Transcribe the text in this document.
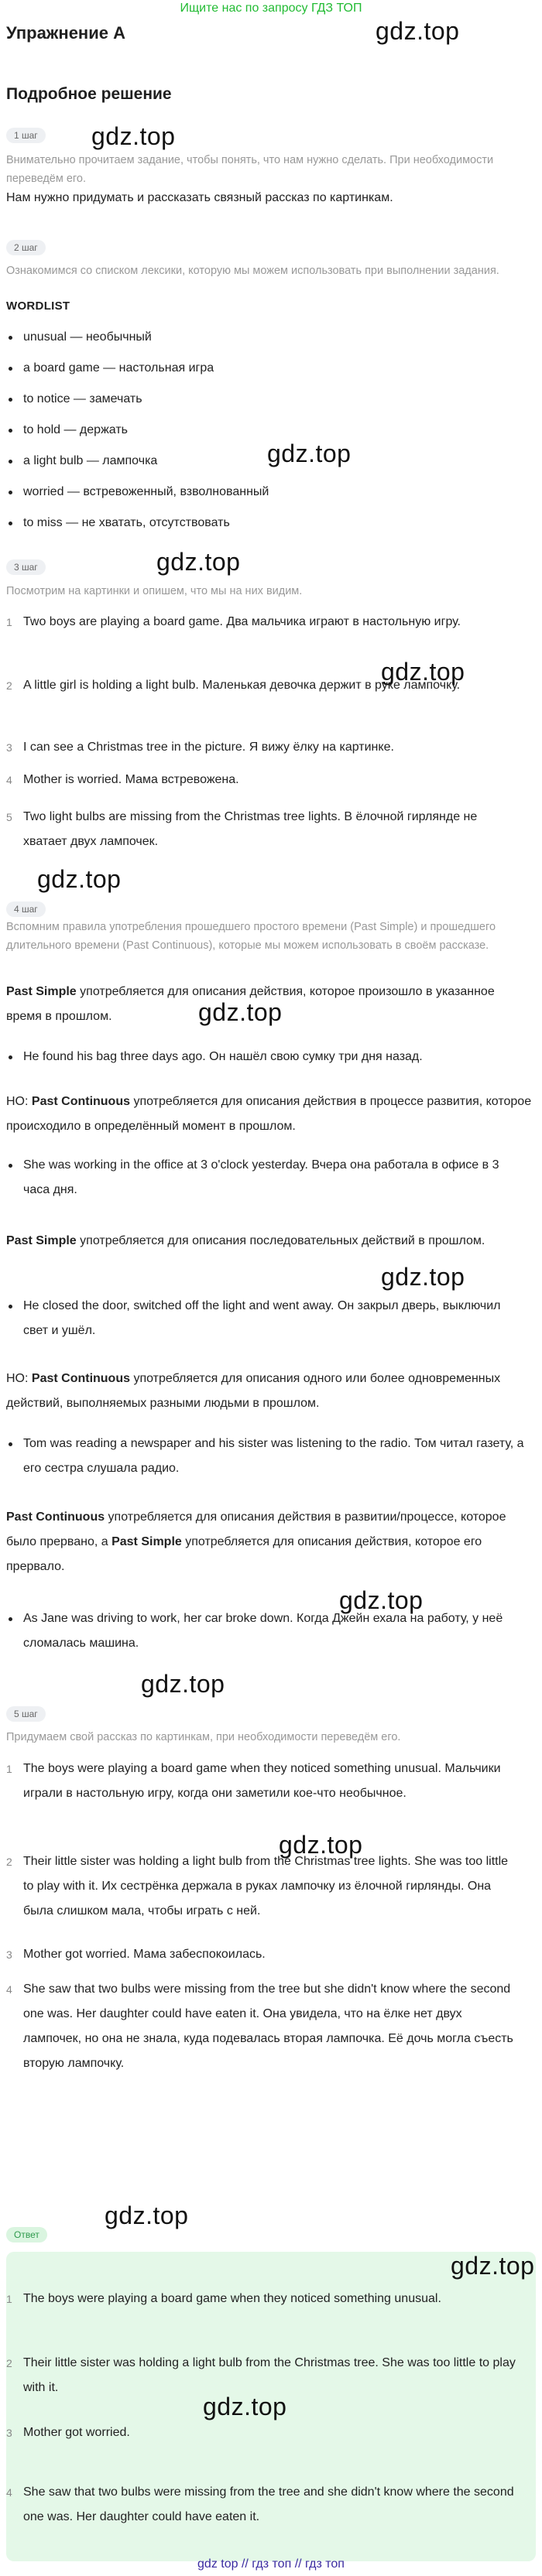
Ищите нас по запросу ГДЗ ТОП
gdz.top
Упражнение A
Подробное решение
1 шаг	gdz.top
Внимательно прочитаем задание, чтобы понять, что нам нужно сделать. При необходимости переведём его.
Нам нужно придумать и рассказать связный рассказ по картинкам.
2 шаг
Ознакомимся со списком лексики, которую мы можем использовать при выполнении задания.
WORDLIST
unusual — необычный
a board game — настольная игра
to notice — замечать
to hold — держать
a light bulb — лампочка
worried — встревоженный, взволнованный
to miss — не хватать, отсутствовать
gdz.top
gdz.top
3 шаг
Посмотрим на картинки и опишем, что мы на них видим.
1 Two boys are playing a board game. Два мальчика играют в настольную игру.
gdz.top
2 A little girl is holding a light bulb. Маленькая девочка держит в руке лампочку.
3 I can see a Christmas tree in the picture. Я вижу ёлку на картинке.
4 Mother is worried. Мама встревожена.
5 Two light bulbs are missing from the Christmas tree lights. В ёлочной гирлянде не хватает двух лампочек.
gdz.top
4 шаг
Вспомним правила употребления прошедшего простого времени (Past Simple) и прошедшего длительного времени (Past Continuous), которые мы можем использовать в своём рассказе.
Past Simple употребляется для описания действия, которое произошло в указанное время в прошлом.	gdz.top
He found his bag three days ago. Он нашёл свою сумку три дня назад.
НО: Past Continuous употребляется для описания действия в процессе развития, которое происходило в определённый момент в прошлом.
She was working in the office at 3 o'clock yesterday. Вчера она работала в офисе в 3 часа дня.
Past Simple употребляется для описания последовательных действий в прошлом.
gdz.top
He closed the door, switched off the light and went away. Он закрыл дверь, выключил свет и ушёл.
НО: Past Continuous употребляется для описания одного или более одновременных действий, выполняемых разными людьми в прошлом.
Tom was reading a newspaper and his sister was listening to the radio. Том читал газету, а его сестра слушала радио.
Past Continuous употребляется для описания действия в развитии/процессе, которое было прервано, а Past Simple употребляется для описания действия, которое его прервало.
gdz.top
As Jane was driving to work, her car broke down. Когда Джейн ехала на работу, у неё сломалась машина.
gdz.top
5 шаг
Придумаем свой рассказ по картинкам, при необходимости переведём его.
1 The boys were playing a board game when they noticed something unusual. Мальчики играли в настольную игру, когда они заметили кое-что необычное.
gdz.top
2 Their little sister was holding a light bulb from the Christmas tree lights. She was too little to play with it. Их сестрёнка держала в руках лампочку из ёлочной гирлянды. Она была слишком мала, чтобы играть с ней.
3 Mother got worried. Мама забеспокоилась.
4 She saw that two bulbs were missing from the tree but she didn't know where the second one was. Her daughter could have eaten it. Она увидела, что на ёлке нет двух лампочек, но она не знала, куда подевалась вторая лампочка. Её дочь могла съесть вторую лампочку.
gdz.top
Ответ
gdz.top
1 The boys were playing a board game when they noticed something unusual.
2 Their little sister was holding a light bulb from the Christmas tree. She was too little to play with it.
gdz.top
3 Mother got worried.
4 She saw that two bulbs were missing from the tree and she didn't know where the second one was. Her daughter could have eaten it.
gdz top // гдз топ // гдз топ
